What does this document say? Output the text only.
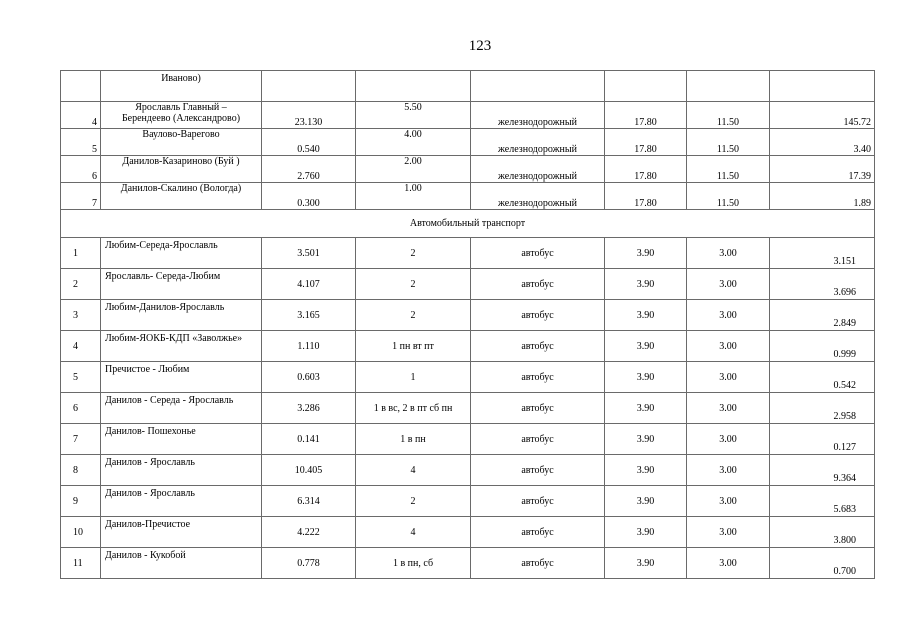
123
	Иваново)						
4	Ярославль Главный –
Берендеево (Александрово)	23.130	5.50	железнодорожный	17.80	11.50	145.72
5	Ваулово-Варегово	0.540	4.00	железнодорожный	17.80	11.50	3.40
6	Данилов-Казариново (Буй )	2.760	2.00	железнодорожный	17.80	11.50	17.39
7	Данилов-Скалино (Вологда)	0.300	1.00	железнодорожный	17.80	11.50	1.89
Автомобильный транспорт							
1	Любим-Середа-Ярославль	3.501	2	автобус	3.90	3.00	3.151
2	Ярославль- Середа-Любим	4.107	2	автобус	3.90	3.00	3.696
3	Любим-Данилов-Ярославль	3.165	2	автобус	3.90	3.00	2.849
4	Любим-ЯОКБ-КДП «Заволжье»	1.110	1 пн вт пт	автобус	3.90	3.00	0.999
5	Пречистое - Любим	0.603	1	автобус	3.90	3.00	0.542
6	Данилов - Середа - Ярославль	3.286	1 в вс, 2 в пт сб пн	автобус	3.90	3.00	2.958
7	Данилов- Пошехонье	0.141	1 в пн	автобус	3.90	3.00	0.127
8	Данилов - Ярославль	10.405	4	автобус	3.90	3.00	9.364
9	Данилов - Ярославль	6.314	2	автобус	3.90	3.00	5.683
10	Данилов-Пречистое	4.222	4	автобус	3.90	3.00	3.800
11	Данилов - Кукобой	0.778	1 в пн, сб	автобус	3.90	3.00	0.700
